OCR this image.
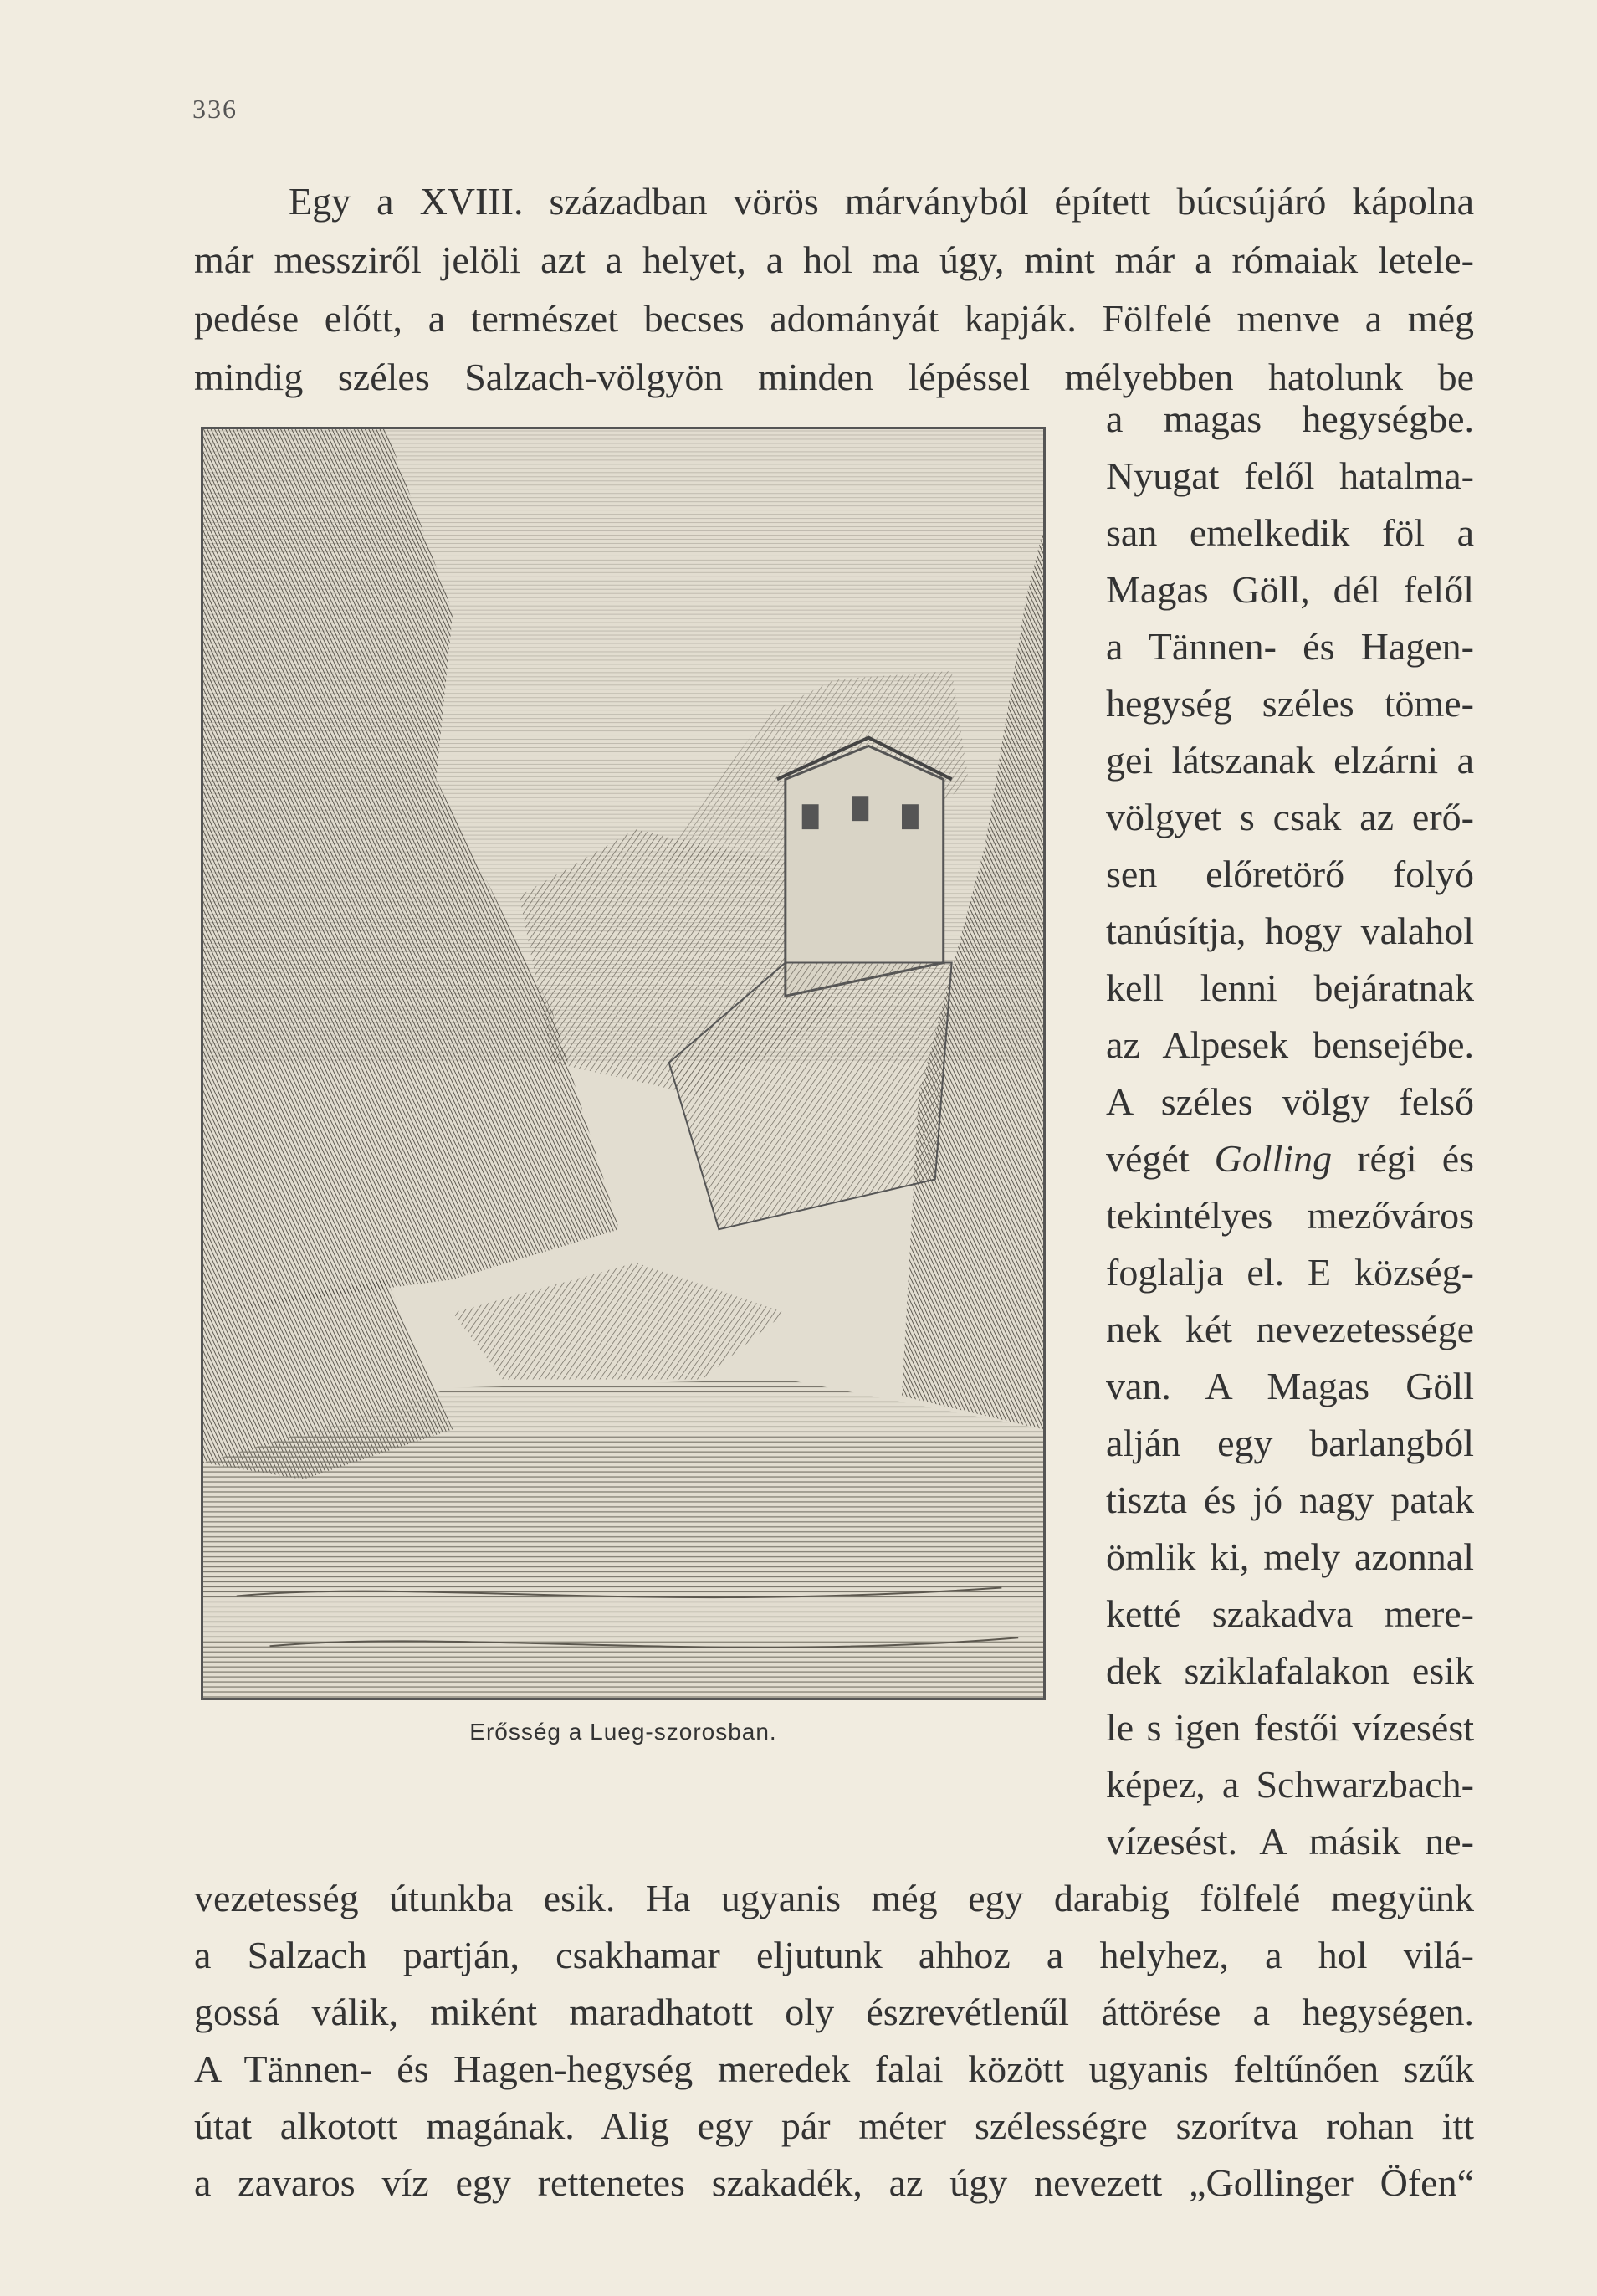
336
Egy a XVIII. században vörös márványból épített búcsújáró kápolna
már messziről jelöli azt a helyet, a hol ma úgy, mint már a rómaiak letele-
pedése előtt, a természet becses adományát kapják. Fölfelé menve a még
mindig széles Salzach-völgyön minden lépéssel mélyebben hatolunk be
a magas hegységbe.
Nyugat felől hatalma-
san emelkedik föl a
Magas Göll, dél felől
a Tännen- és Hagen-
hegység széles töme-
gei látszanak elzárni a
völgyet s csak az erő-
sen előretörő folyó
tanúsítja, hogy valahol
kell lenni bejáratnak
az Alpesek bensejébe.
A széles völgy felső
végét Golling régi és
tekintélyes mezőváros
foglalja el. E község-
nek két nevezetessége
van. A Magas Göll
alján egy barlangból
tiszta és jó nagy patak
ömlik ki, mely azonnal
ketté szakadva mere-
dek sziklafalakon esik
le s igen festői vízesést
képez, a Schwarzbach-
vízesést. A másik ne-
vezetesség útunkba esik. Ha ugyanis még egy darabig fölfelé megyünk
a Salzach partján, csakhamar eljutunk ahhoz a helyhez, a hol vilá-
gossá válik, miként maradhatott oly észrevétlenűl áttörése a hegységen.
A Tännen- és Hagen-hegység meredek falai között ugyanis feltűnően szűk
útat alkotott magának. Alig egy pár méter szélességre szorítva rohan itt
a zavaros víz egy rettenetes szakadék, az úgy nevezett „Gollinger Öfen“
Erősség a Lueg-szorosban.
